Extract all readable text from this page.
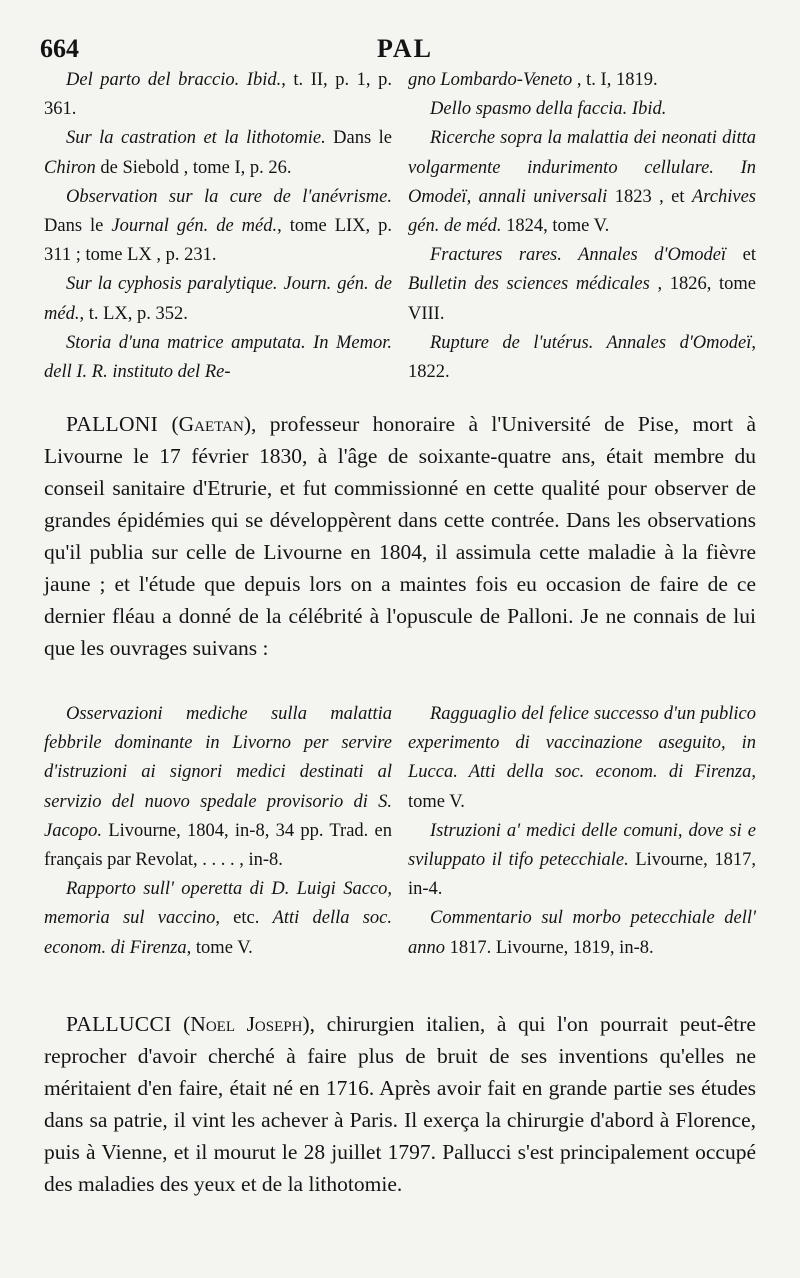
664	PAL

Del parto del braccio. Ibid., t. II, p. 1, p. 361.

Sur la castration et la lithotomie. Dans le Chiron de Siebold , tome I, p. 26.

Observation sur la cure de l'anévrisme. Dans le Journal gén. de méd., tome LIX, p. 311 ; tome LX , p. 231.

Sur la cyphosis paralytique. Journ. gén. de méd., t. LX, p. 352.

Storia d'una matrice amputata. In Memor. dell I. R. instituto del Re-

gno Lombardo-Veneto , t. I, 1819.

Dello spasmo della faccia. Ibid.

Ricerche sopra la malattia dei neonati ditta volgarmente indurimento cellulare. In Omodeï, annali universali 1823 , et Archives gén. de méd. 1824, tome V.

Fractures rares. Annales d'Omodeï et Bulletin des sciences médicales , 1826, tome VIII.

Rupture de l'utérus. Annales d'Omodeï, 1822.

PALLONI (Gaetan), professeur honoraire à l'Université de Pise, mort à Livourne le 17 février 1830, à l'âge de soixante-quatre ans, était membre du conseil sanitaire d'Etrurie, et fut commissionné en cette qualité pour observer de grandes épidémies qui se développèrent dans cette contrée. Dans les observations qu'il publia sur celle de Livourne en 1804, il assimula cette maladie à la fièvre jaune ; et l'étude que depuis lors on a maintes fois eu occasion de faire de ce dernier fléau a donné de la célébrité à l'opuscule de Palloni. Je ne connais de lui que les ouvrages suivans :

Osservazioni mediche sulla malattia febbrile dominante in Livorno per servire d'istruzioni ai signori medici destinati al servizio del nuovo spedale provisorio di S. Jacopo. Livourne, 1804, in-8, 34 pp. Trad. en français par Revolat, . . . . , in-8.

Rapporto sull' operetta di D. Luigi Sacco, memoria sul vaccino, etc. Atti della soc. econom. di Firenza, tome V.

Ragguaglio del felice successo d'un publico experimento di vaccinazione aseguito, in Lucca. Atti della soc. econom. di Firenza, tome V.

Istruzioni a' medici delle comuni, dove si e sviluppato il tifo petecchiale. Livourne, 1817, in-4.

Commentario sul morbo petecchiale dell' anno 1817. Livourne, 1819, in-8.

PALLUCCI (Noel Joseph), chirurgien italien, à qui l'on pourrait peut-être reprocher d'avoir cherché à faire plus de bruit de ses inventions qu'elles ne méritaient d'en faire, était né en 1716. Après avoir fait en grande partie ses études dans sa patrie, il vint les achever à Paris. Il exerça la chirurgie d'abord à Florence, puis à Vienne, et il mourut le 28 juillet 1797. Pallucci s'est principalement occupé des maladies des yeux et de la lithotomie.
